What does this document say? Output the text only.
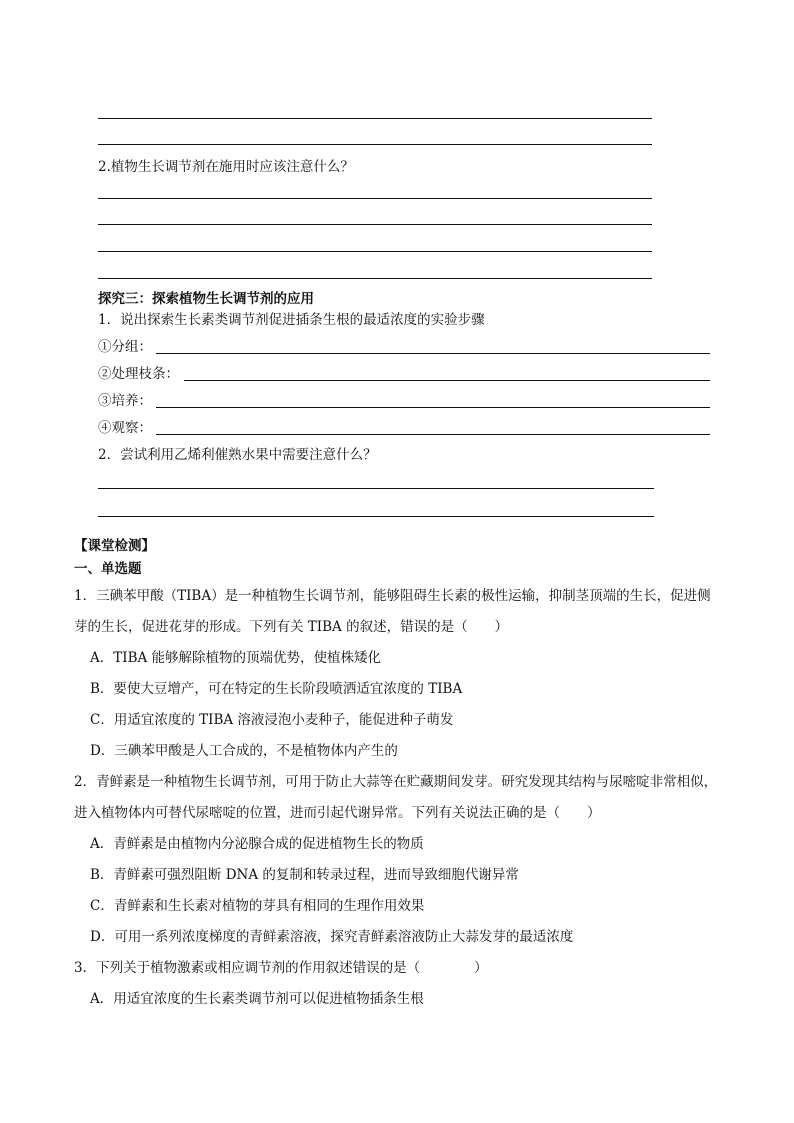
2.植物生长调节剂在施用时应该注意什么？
探究三：探索植物生长调节剂的应用
1．说出探索生长素类调节剂促进插条生根的最适浓度的实验步骤
①分组：
②处理枝条：
③培养：
④观察：
2．尝试利用乙烯利催熟水果中需要注意什么？
【课堂检测】
一、单选题
1．三碘苯甲酸（TIBA）是一种植物生长调节剂，能够阻碍生长素的极性运输，抑制茎顶端的生长，促进侧
芽的生长，促进花芽的形成。下列有关 TIBA 的叙述，错误的是（　　）
A．TIBA 能够解除植物的顶端优势，使植株矮化
B．要使大豆增产，可在特定的生长阶段喷洒适宜浓度的 TIBA
C．用适宜浓度的 TIBA 溶液浸泡小麦种子，能促进种子萌发
D．三碘苯甲酸是人工合成的，不是植物体内产生的
2．青鲜素是一种植物生长调节剂，可用于防止大蒜等在贮藏期间发芽。研究发现其结构与尿嘧啶非常相似，
进入植物体内可替代尿嘧啶的位置，进而引起代谢异常。下列有关说法正确的是（　　）
A．青鲜素是由植物内分泌腺合成的促进植物生长的物质
B．青鲜素可强烈阻断 DNA 的复制和转录过程，进而导致细胞代谢异常
C．青鲜素和生长素对植物的芽具有相同的生理作用效果
D．可用一系列浓度梯度的青鲜素溶液，探究青鲜素溶液防止大蒜发芽的最适浓度
3．下列关于植物激素或相应调节剂的作用叙述错误的是（　　　　）
A．用适宜浓度的生长素类调节剂可以促进植物插条生根
